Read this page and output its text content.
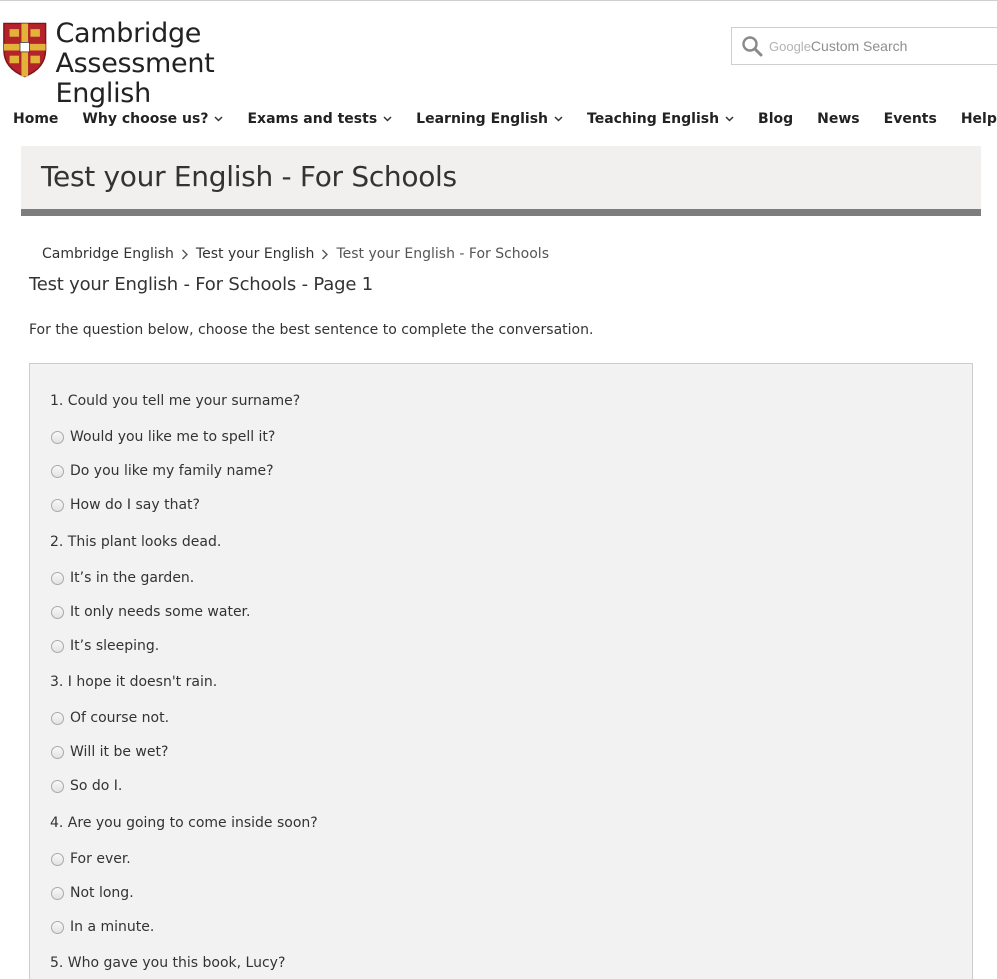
Cambridge Assessment
English
Google Custom Search
Home Why choose us?	Exams and tests	Learning English	Teaching English	Blog News Events Help
Test your English - For Schools
Cambridge English Test your English Test your English - For Schools
Test your English - For Schools - Page 1

For the question below, choose the best sentence to complete the conversation.

1. Could you tell me your surname?
Would you like me to spell it?
Do you like my family name?
How do I say that?
2. This plant looks dead.
It’s in the garden.
It only needs some water.
It’s sleeping.
3. I hope it doesn't rain.
Of course not.
Will it be wet?
So do I.
4. Are you going to come inside soon?
For ever.
Not long.
In a minute.
5. Who gave you this book, Lucy?
